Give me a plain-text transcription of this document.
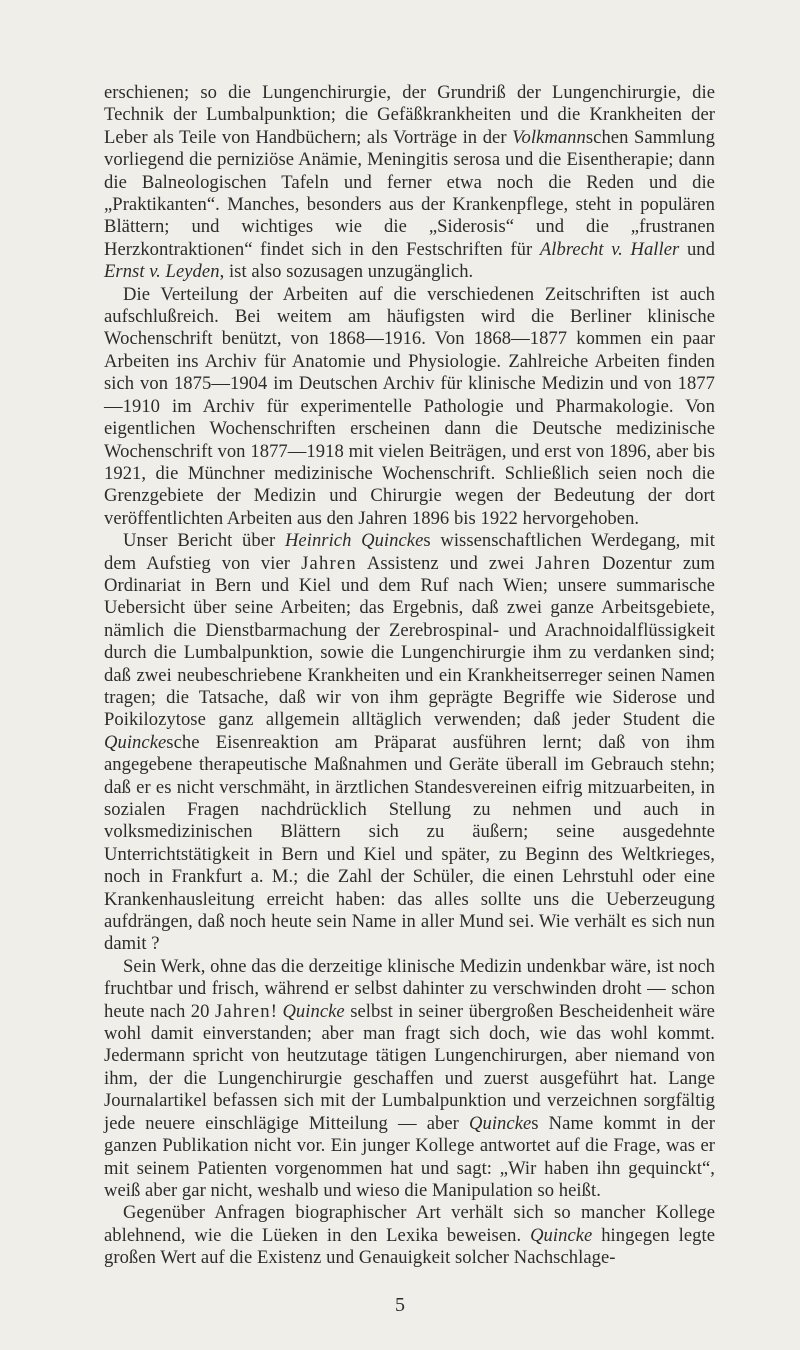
erschienen; so die Lungenchirurgie, der Grundriß der Lungenchirurgie, die Technik der Lumbalpunktion; die Gefäßkrankheiten und die Krankheiten der Leber als Teile von Handbüchern; als Vorträge in der Volkmannschen Sammlung vorliegend die perniziöse Anämie, Meningitis serosa und die Eisentherapie; dann die Balneologischen Tafeln und ferner etwa noch die Reden und die „Praktikanten“. Manches, besonders aus der Krankenpflege, steht in populären Blättern; und wichtiges wie die „Siderosis“ und die „frustranen Herzkontraktionen“ findet sich in den Festschriften für Albrecht v. Haller und Ernst v. Leyden, ist also sozusagen unzugänglich.

Die Verteilung der Arbeiten auf die verschiedenen Zeitschriften ist auch aufschlußreich. Bei weitem am häufigsten wird die Berliner klinische Wochenschrift benützt, von 1868—1916. Von 1868—1877 kommen ein paar Arbeiten ins Archiv für Anatomie und Physiologie. Zahlreiche Arbeiten finden sich von 1875—1904 im Deutschen Archiv für klinische Medizin und von 1877—1910 im Archiv für experimentelle Pathologie und Pharmakologie. Von eigentlichen Wochenschriften erscheinen dann die Deutsche medizinische Wochenschrift von 1877—1918 mit vielen Beiträgen, und erst von 1896, aber bis 1921, die Münchner medizinische Wochenschrift. Schließlich seien noch die Grenzgebiete der Medizin und Chirurgie wegen der Bedeutung der dort veröffentlichten Arbeiten aus den Jahren 1896 bis 1922 hervorgehoben.

Unser Bericht über Heinrich Quinckes wissenschaftlichen Werdegang, mit dem Aufstieg von vier Jahren Assistenz und zwei Jahren Dozentur zum Ordinariat in Bern und Kiel und dem Ruf nach Wien; unsere summarische Uebersicht über seine Arbeiten; das Ergebnis, daß zwei ganze Arbeitsgebiete, nämlich die Dienstbarmachung der Zerebrospinal- und Arachnoidalflüssigkeit durch die Lumbalpunktion, sowie die Lungenchirurgie ihm zu verdanken sind; daß zwei neubeschriebene Krankheiten und ein Krankheitserreger seinen Namen tragen; die Tatsache, daß wir von ihm geprägte Begriffe wie Siderose und Poikilozytose ganz allgemein alltäglich verwenden; daß jeder Student die Quinckesche Eisenreaktion am Präparat ausführen lernt; daß von ihm angegebene therapeutische Maßnahmen und Geräte überall im Gebrauch stehn; daß er es nicht verschmäht, in ärztlichen Standesvereinen eifrig mitzuarbeiten, in sozialen Fragen nachdrücklich Stellung zu nehmen und auch in volksmedizinischen Blättern sich zu äußern; seine ausgedehnte Unterrichtstätigkeit in Bern und Kiel und später, zu Beginn des Weltkrieges, noch in Frankfurt a. M.; die Zahl der Schüler, die einen Lehrstuhl oder eine Krankenhausleitung erreicht haben: das alles sollte uns die Ueberzeugung aufdrängen, daß noch heute sein Name in aller Mund sei. Wie verhält es sich nun damit ?

Sein Werk, ohne das die derzeitige klinische Medizin undenkbar wäre, ist noch fruchtbar und frisch, während er selbst dahinter zu verschwinden droht — schon heute nach 20 Jahren! Quincke selbst in seiner übergroßen Bescheidenheit wäre wohl damit einverstanden; aber man fragt sich doch, wie das wohl kommt. Jedermann spricht von heutzutage tätigen Lungenchirurgen, aber niemand von ihm, der die Lungenchirurgie geschaffen und zuerst ausgeführt hat. Lange Journalartikel befassen sich mit der Lumbalpunktion und verzeichnen sorgfältig jede neuere einschlägige Mitteilung — aber Quinckes Name kommt in der ganzen Publikation nicht vor. Ein junger Kollege antwortet auf die Frage, was er mit seinem Patienten vorgenommen hat und sagt: „Wir haben ihn gequinckt“, weiß aber gar nicht, weshalb und wieso die Manipulation so heißt.

Gegenüber Anfragen biographischer Art verhält sich so mancher Kollege ablehnend, wie die Lüeken in den Lexika beweisen. Quincke hingegen legte großen Wert auf die Existenz und Genauigkeit solcher Nachschlage-

5
